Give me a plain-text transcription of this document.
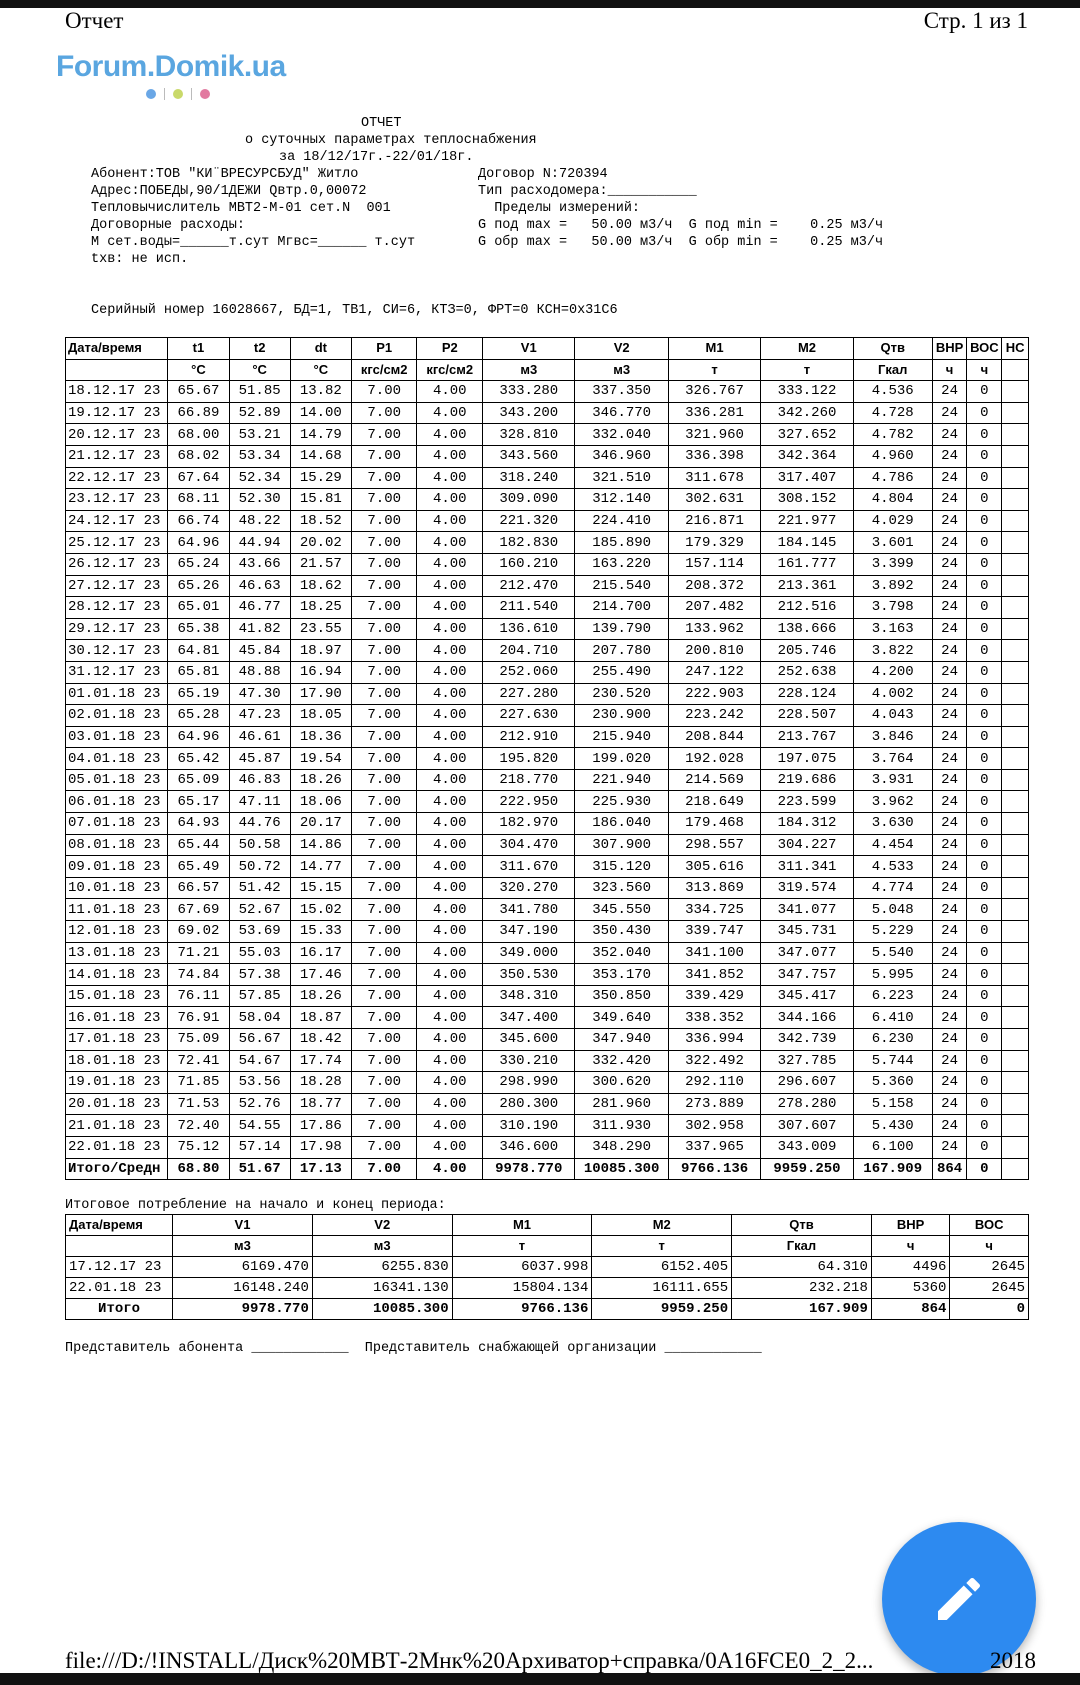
Отчет	Стр. 1 из 1
Forum.Domik.ua
ОТЧЕТ
о суточных параметрах теплоснабжения
за 18/12/17г.-22/01/18г.
Абонент:ТОВ "КИ¨ВРЕСУРСБУД" Житло
Адрес:ПОБЕДЫ,90/1ДЕЖИ Qвтр.0,00072
Тепловычислитель МВТ2-М-01 сет.N  001
Договорные расходы:
М сет.воды=______т.сут Мгвс=______ т.сут
tхв: не исп.
Договор N:720394
Тип расходомера:___________
Пределы измерений:
G под max =   50.00 м3/ч  G под min =    0.25 м3/ч
G обр max =   50.00 м3/ч  G обр min =    0.25 м3/ч
Серийный номер 16028667, БД=1, ТВ1, СИ=6, КТЗ=0, ФРТ=0 КСН=0x31C6
Дата/время	t1	t2	dt	P1	P2	V1	V2	M1	M2	Qтв	ВНР	ВОС	НС
	°C	°C	°C	кгс/см2	кгс/см2	м3	м3	т	т	Гкал	ч	ч	
18.12.17 23	65.67	51.85	13.82	7.00	4.00	333.280	337.350	326.767	333.122	4.536	24	0	
19.12.17 23	66.89	52.89	14.00	7.00	4.00	343.200	346.770	336.281	342.260	4.728	24	0	
20.12.17 23	68.00	53.21	14.79	7.00	4.00	328.810	332.040	321.960	327.652	4.782	24	0	
21.12.17 23	68.02	53.34	14.68	7.00	4.00	343.560	346.960	336.398	342.364	4.960	24	0	
22.12.17 23	67.64	52.34	15.29	7.00	4.00	318.240	321.510	311.678	317.407	4.786	24	0	
23.12.17 23	68.11	52.30	15.81	7.00	4.00	309.090	312.140	302.631	308.152	4.804	24	0	
24.12.17 23	66.74	48.22	18.52	7.00	4.00	221.320	224.410	216.871	221.977	4.029	24	0	
25.12.17 23	64.96	44.94	20.02	7.00	4.00	182.830	185.890	179.329	184.145	3.601	24	0	
26.12.17 23	65.24	43.66	21.57	7.00	4.00	160.210	163.220	157.114	161.777	3.399	24	0	
27.12.17 23	65.26	46.63	18.62	7.00	4.00	212.470	215.540	208.372	213.361	3.892	24	0	
28.12.17 23	65.01	46.77	18.25	7.00	4.00	211.540	214.700	207.482	212.516	3.798	24	0	
29.12.17 23	65.38	41.82	23.55	7.00	4.00	136.610	139.790	133.962	138.666	3.163	24	0	
30.12.17 23	64.81	45.84	18.97	7.00	4.00	204.710	207.780	200.810	205.746	3.822	24	0	
31.12.17 23	65.81	48.88	16.94	7.00	4.00	252.060	255.490	247.122	252.638	4.200	24	0	
01.01.18 23	65.19	47.30	17.90	7.00	4.00	227.280	230.520	222.903	228.124	4.002	24	0	
02.01.18 23	65.28	47.23	18.05	7.00	4.00	227.630	230.900	223.242	228.507	4.043	24	0	
03.01.18 23	64.96	46.61	18.36	7.00	4.00	212.910	215.940	208.844	213.767	3.846	24	0	
04.01.18 23	65.42	45.87	19.54	7.00	4.00	195.820	199.020	192.028	197.075	3.764	24	0	
05.01.18 23	65.09	46.83	18.26	7.00	4.00	218.770	221.940	214.569	219.686	3.931	24	0	
06.01.18 23	65.17	47.11	18.06	7.00	4.00	222.950	225.930	218.649	223.599	3.962	24	0	
07.01.18 23	64.93	44.76	20.17	7.00	4.00	182.970	186.040	179.468	184.312	3.630	24	0	
08.01.18 23	65.44	50.58	14.86	7.00	4.00	304.470	307.900	298.557	304.227	4.454	24	0	
09.01.18 23	65.49	50.72	14.77	7.00	4.00	311.670	315.120	305.616	311.341	4.533	24	0	
10.01.18 23	66.57	51.42	15.15	7.00	4.00	320.270	323.560	313.869	319.574	4.774	24	0	
11.01.18 23	67.69	52.67	15.02	7.00	4.00	341.780	345.550	334.725	341.077	5.048	24	0	
12.01.18 23	69.02	53.69	15.33	7.00	4.00	347.190	350.430	339.747	345.731	5.229	24	0	
13.01.18 23	71.21	55.03	16.17	7.00	4.00	349.000	352.040	341.100	347.077	5.540	24	0	
14.01.18 23	74.84	57.38	17.46	7.00	4.00	350.530	353.170	341.852	347.757	5.995	24	0	
15.01.18 23	76.11	57.85	18.26	7.00	4.00	348.310	350.850	339.429	345.417	6.223	24	0	
16.01.18 23	76.91	58.04	18.87	7.00	4.00	347.400	349.640	338.352	344.166	6.410	24	0	
17.01.18 23	75.09	56.67	18.42	7.00	4.00	345.600	347.940	336.994	342.739	6.230	24	0	
18.01.18 23	72.41	54.67	17.74	7.00	4.00	330.210	332.420	322.492	327.785	5.744	24	0	
19.01.18 23	71.85	53.56	18.28	7.00	4.00	298.990	300.620	292.110	296.607	5.360	24	0	
20.01.18 23	71.53	52.76	18.77	7.00	4.00	280.300	281.960	273.889	278.280	5.158	24	0	
21.01.18 23	72.40	54.55	17.86	7.00	4.00	310.190	311.930	302.958	307.607	5.430	24	0	
22.01.18 23	75.12	57.14	17.98	7.00	4.00	346.600	348.290	337.965	343.009	6.100	24	0	
Итого/Средн	68.80	51.67	17.13	7.00	4.00	9978.770	10085.300	9766.136	9959.250	167.909	864	0	
Итоговое потребление на начало и конец периода:
Дата/время	V1	V2	M1	M2	Qтв	ВНР	ВОС
	м3	м3	т	т	Гкал	ч	ч
17.12.17 23	6169.470	6255.830	6037.998	6152.405	64.310	4496	2645
22.01.18 23	16148.240	16341.130	15804.134	16111.655	232.218	5360	2645
Итого	9978.770	10085.300	9766.136	9959.250	167.909	864	0
Представитель абонента ____________  Представитель снабжающей организации ____________
file:///D:/!INSTALL/Диск%20МВТ-2Мнк%20Архиватор+справка/0A16FCE0_2_2...	2018
